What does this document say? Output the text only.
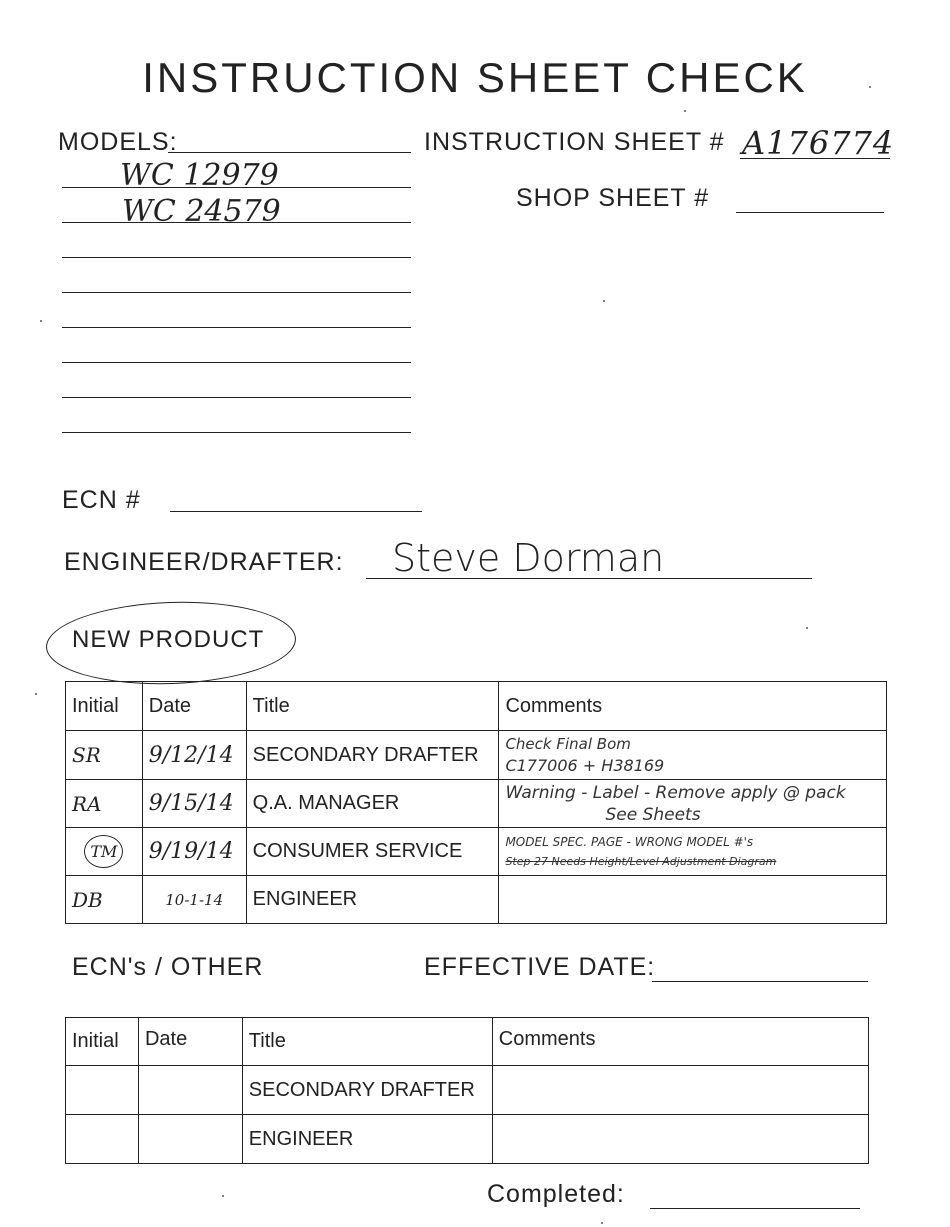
INSTRUCTION SHEET CHECK
MODELS:
WC 12979
WC 24579
INSTRUCTION SHEET # A176774
SHOP SHEET #
ECN #
ENGINEER/DRAFTER: Steve Dorman
NEW PRODUCT
Initial	Date	Title	Comments
SR	9/12/14	SECONDARY DRAFTER	Check Final Bom
C177006 + H38169

RA	9/15/14	Q.A. MANAGER	Warning - Label - Remove apply @ pack
See Sheets

TM	9/19/14	CONSUMER SERVICE	MODEL SPEC. PAGE - WRONG MODEL #'s
Step 27 Needs Height/Level Adjustment Diagram

DB	10-1-14	ENGINEER	
ECN's / OTHER	EFFECTIVE DATE:
Initial	Date	Title	Comments
		SECONDARY DRAFTER	
		ENGINEER	
Completed:
